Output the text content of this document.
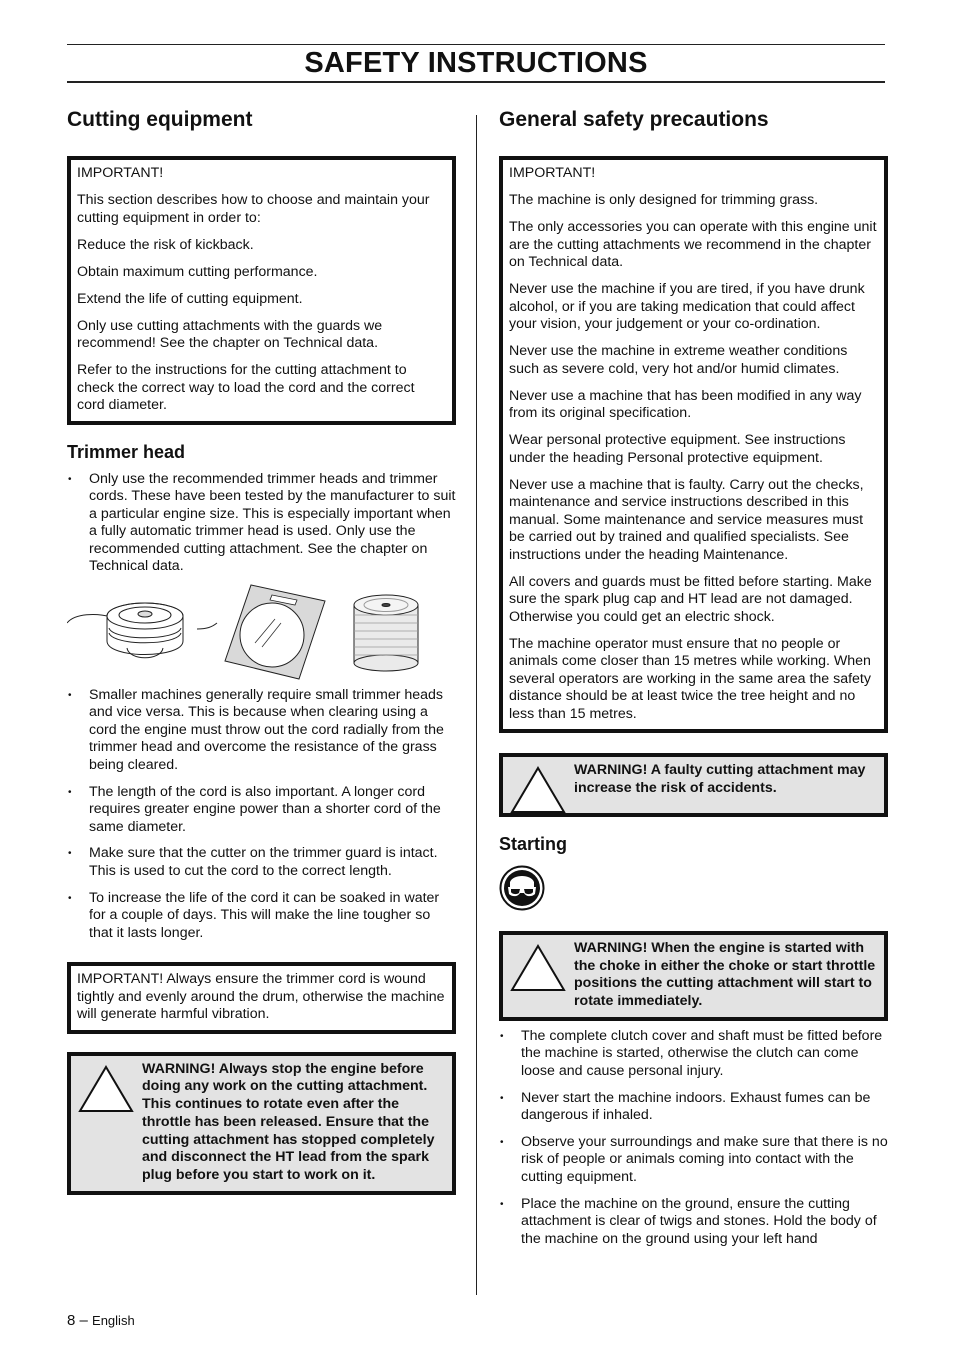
SAFETY INSTRUCTIONS
Cutting equipment

IMPORTANT!

This section describes how to choose and maintain your cutting equipment in order to:

Reduce the risk of kickback.

Obtain maximum cutting performance.

Extend the life of cutting equipment.

Only use cutting attachments with the guards we recommend! See the chapter on Technical data.

Refer to the instructions for the cutting attachment to check the correct way to load the cord and the correct cord diameter.

Trimmer head
• Only use the recommended trimmer heads and trimmer cords. These have been tested by the manufacturer to suit a particular engine size. This is especially important when a fully automatic trimmer head is used. Only use the recommended cutting attachment. See the chapter on Technical data.
• Smaller machines generally require small trimmer heads and vice versa. This is because when clearing using a cord the engine must throw out the cord radially from the trimmer head and overcome the resistance of the grass being cleared.
• The length of the cord is also important. A longer cord requires greater engine power than a shorter cord of the same diameter.
• Make sure that the cutter on the trimmer guard is intact. This is used to cut the cord to the correct length.
• To increase the life of the cord it can be soaked in water for a couple of days. This will make the line tougher so that it lasts longer.

IMPORTANT! Always ensure the trimmer cord is wound tightly and evenly around the drum, otherwise the machine will generate harmful vibration.

WARNING! Always stop the engine before doing any work on the cutting attachment. This continues to rotate even after the throttle has been released. Ensure that the cutting attachment has stopped completely and disconnect the HT lead from the spark plug before you start to work on it.
General safety precautions

IMPORTANT!

The machine is only designed for trimming grass.

The only accessories you can operate with this engine unit are the cutting attachments we recommend in the chapter on Technical data.

Never use the machine if you are tired, if you have drunk alcohol, or if you are taking medication that could affect your vision, your judgement or your co-ordination.

Never use the machine in extreme weather conditions such as severe cold, very hot and/or humid climates.

Never use a machine that has been modified in any way from its original specification.

Wear personal protective equipment. See instructions under the heading Personal protective equipment.

Never use a machine that is faulty. Carry out the checks, maintenance and service instructions described in this manual. Some maintenance and service measures must be carried out by trained and qualified specialists. See instructions under the heading Maintenance.

All covers and guards must be fitted before starting. Make sure the spark plug cap and HT lead are not damaged. Otherwise you could get an electric shock.

The machine operator must ensure that no people or animals come closer than 15 metres while working. When several operators are working in the same area the safety distance should be at least twice the tree height and no less than 15 metres.

WARNING! A faulty cutting attachment may increase the risk of accidents.
Starting
WARNING! When the engine is started with the choke in either the choke or start throttle positions the cutting attachment will start to rotate immediately.
• The complete clutch cover and shaft must be fitted before the machine is started, otherwise the clutch can come loose and cause personal injury.
• Never start the machine indoors. Exhaust fumes can be dangerous if inhaled.
• Observe your surroundings and make sure that there is no risk of people or animals coming into contact with the cutting equipment.
• Place the machine on the ground, ensure the cutting attachment is clear of twigs and stones. Hold the body of the machine on the ground using your left hand
8 – English
